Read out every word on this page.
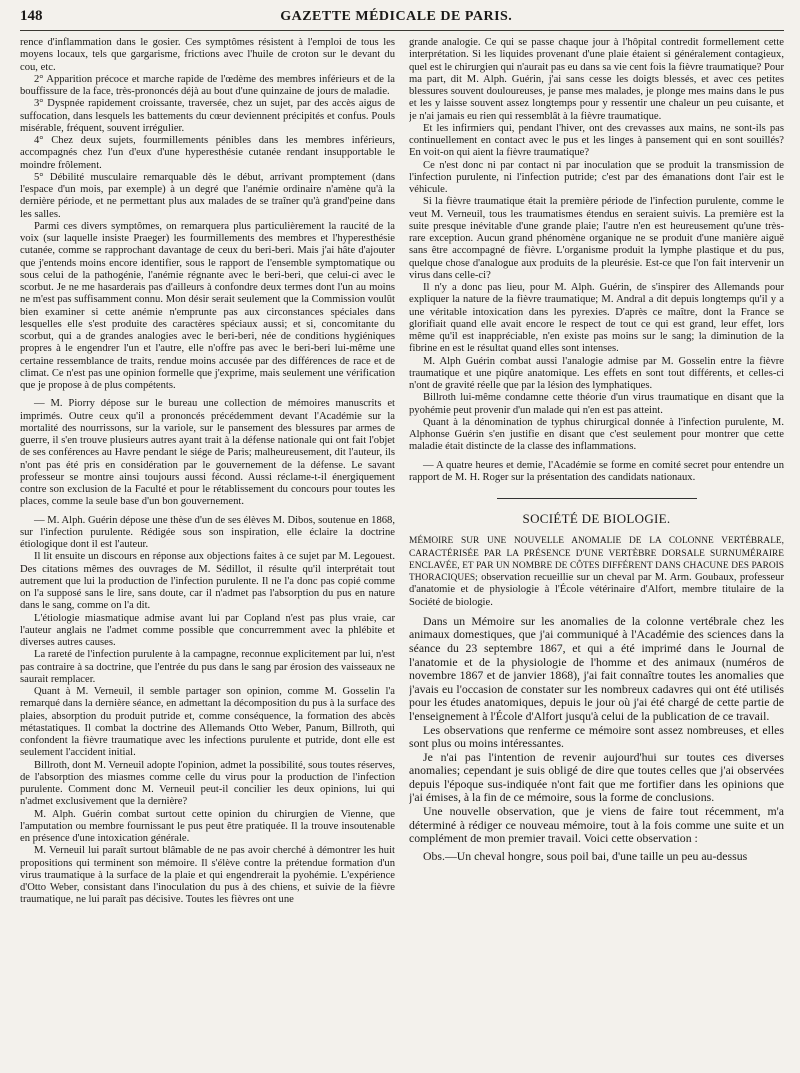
148	GAZETTE MÉDICALE DE PARIS.

rence d'inflammation dans le gosier. Ces symptômes résistent à l'emploi de tous les moyens locaux, tels que gargarisme, frictions avec l'huile de croton sur le devant du cou, etc.

2° Apparition précoce et marche rapide de l'œdème des membres inférieurs et de la bouffissure de la face, très-prononcés déjà au bout d'une quinzaine de jours de maladie.

3° Dyspnée rapidement croissante, traversée, chez un sujet, par des accès aigus de suffocation, dans lesquels les battements du cœur deviennent précipités et confus. Pouls misérable, fréquent, souvent irrégulier.

4° Chez deux sujets, fourmillements pénibles dans les membres inférieurs, accompagnés chez l'un d'eux d'une hyperesthésie cutanée rendant insupportable le moindre frôlement.

5° Débilité musculaire remarquable dès le début, arrivant promptement (dans l'espace d'un mois, par exemple) à un degré que l'anémie ordinaire n'amène qu'à la dernière période, et ne permettant plus aux malades de se traîner qu'à grand'peine dans les salles.

Parmi ces divers symptômes, on remarquera plus particulièrement la raucité de la voix (sur laquelle insiste Praeger) les fourmillements des membres et l'hyperesthésie cutanée, comme se rapprochant davantage de ceux du beri-beri. Mais j'ai hâte d'ajouter que j'entends moins encore identifier, sous le rapport de l'ensemble symptomatique ou sous celui de la pathogénie, l'anémie régnante avec le beri-beri, que celui-ci avec le scorbut. Je ne me hasarderais pas d'ailleurs à confondre deux termes dont l'un au moins ne m'est pas suffisamment connu. Mon désir serait seulement que la Commission voulût bien examiner si cette anémie n'emprunte pas aux circonstances spéciales dans lesquelles elle s'est produite des caractères spéciaux aussi; et si, concomitante du scorbut, qui a de grandes analogies avec le beri-beri, née de conditions hygiéniques propres à le engendrer l'un et l'autre, elle n'offre pas avec le beri-beri lui-même une certaine ressemblance de traits, rendue moins accusée par des différences de race et de climat. Ce n'est pas une opinion formelle que j'exprime, mais seulement une vérification que je propose à de plus compétents.

— M. Piorry dépose sur le bureau une collection de mémoires manuscrits et imprimés. Outre ceux qu'il a prononcés précédemment devant l'Académie sur la mortalité des nourrissons, sur la variole, sur le pansement des blessures par armes de guerre, il s'en trouve plusieurs autres ayant trait à la défense nationale qui ont fait l'objet de ses conférences au Havre pendant le siége de Paris; malheureusement, dit l'auteur, ils n'ont pas été pris en considération par le gouvernement de la défense. Le savant professeur se montre ainsi toujours aussi fécond. Aussi réclame-t-il énergiquement contre son exclusion de la Faculté et pour le rétablissement du concours pour toutes les places, comme la seule base d'un bon gouvernement.

— M. Alph. Guérin dépose une thèse d'un de ses élèves M. Dibos, soutenue en 1868, sur l'infection purulente. Rédigée sous son inspiration, elle éclaire la doctrine étiologique dont il est l'auteur.

Il lit ensuite un discours en réponse aux objections faites à ce sujet par M. Legouest. Des citations mêmes des ouvrages de M. Sédillot, il résulte qu'il interprétait tout autrement que lui la production de l'infection purulente. Il ne l'a donc pas copié comme on l'a supposé sans le lire, sans doute, car il n'admet pas l'absorption du pus en nature dans le sang, comme on l'a dit.

L'étiologie miasmatique admise avant lui par Copland n'est pas plus vraie, car l'auteur anglais ne l'admet comme possible que concurremment avec la phlébite et diverses autres causes.

La rareté de l'infection purulente à la campagne, reconnue explicitement par lui, n'est pas contraire à sa doctrine, que l'entrée du pus dans le sang par érosion des vaisseaux ne saurait remplacer.

Quant à M. Verneuil, il semble partager son opinion, comme M. Gosselin l'a remarqué dans la dernière séance, en admettant la décomposition du pus à la surface des plaies, absorption du produit putride et, comme conséquence, la formation des abcès métastatiques. Il combat la doctrine des Allemands Otto Weber, Panum, Billroth, qui confondent la fièvre traumatique avec les infections purulente et putride, dont elle est seulement l'accident initial.

Billroth, dont M. Verneuil adopte l'opinion, admet la possibilité, sous toutes réserves, de l'absorption des miasmes comme celle du virus pour la production de l'infection purulente. Comment donc M. Verneuil peut-il concilier les deux opinions, lui qui n'admet exclusivement que la dernière?

M. Alph. Guérin combat surtout cette opinion du chirurgien de Vienne, que l'amputation ou membre fournissant le pus peut être pratiquée. Il la trouve insoutenable en présence d'une intoxication générale.

M. Verneuil lui paraît surtout blâmable de ne pas avoir cherché à démontrer les huit propositions qui terminent son mémoire. Il s'élève contre la prétendue formation d'un virus traumatique à la surface de la plaie et qui engendrerait la pyohémie. L'expérience d'Otto Weber, consistant dans l'inoculation du pus à des chiens, et suivie de la fièvre traumatique, ne lui paraît pas décisive. Toutes les fièvres ont une

grande analogie. Ce qui se passe chaque jour à l'hôpital contredit formellement cette interprétation. Si les liquides provenant d'une plaie étaient si généralement contagieux, quel est le chirurgien qui n'aurait pas eu dans sa vie cent fois la fièvre traumatique? Pour ma part, dit M. Alph. Guérin, j'ai sans cesse les doigts blessés, et avec ces petites blessures souvent douloureuses, je panse mes malades, je plonge mes mains dans le pus et les y laisse souvent assez longtemps pour y ressentir une chaleur un peu cuisante, et je n'ai jamais eu rien qui ressemblât à la fièvre traumatique.

Et les infirmiers qui, pendant l'hiver, ont des crevasses aux mains, ne sont-ils pas continuellement en contact avec le pus et les linges à pansement qui en sont souillés? En voit-on qui aient la fièvre traumatique?

Ce n'est donc ni par contact ni par inoculation que se produit la transmission de l'infection purulente, ni l'infection putride; c'est par des émanations dont l'air est le véhicule.

Si la fièvre traumatique était la première période de l'infection purulente, comme le veut M. Verneuil, tous les traumatismes étendus en seraient suivis. La première est la suite presque inévitable d'une grande plaie; l'autre n'en est heureusement qu'une très-rare exception. Aucun grand phénomène organique ne se produit d'une manière aiguë sans être accompagné de fièvre. L'organisme produit la lymphe plastique et du pus, quelque chose d'analogue aux produits de la pleurésie. Est-ce que l'on fait intervenir un virus dans celle-ci?

Il n'y a donc pas lieu, pour M. Alph. Guérin, de s'inspirer des Allemands pour expliquer la nature de la fièvre traumatique; M. Andral a dit depuis longtemps qu'il y a une véritable intoxication dans les pyrexies. D'après ce maître, dont la France se glorifiait quand elle avait encore le respect de tout ce qui est grand, leur effet, lors même qu'il est inappréciable, n'en existe pas moins sur le sang; la diminution de la fibrine en est le résultat quand elles sont intenses.

M. Alph Guérin combat aussi l'analogie admise par M. Gosselin entre la fièvre traumatique et une piqûre anatomique. Les effets en sont tout différents, et celles-ci n'ont de gravité réelle que par la lésion des lymphatiques.

Billroth lui-même condamne cette théorie d'un virus traumatique en disant que la pyohémie peut provenir d'un malade qui n'en est pas atteint.

Quant à la dénomination de typhus chirurgical donnée à l'infection purulente, M. Alphonse Guérin s'en justifie en disant que c'est seulement pour montrer que cette maladie était distincte de la classe des inflammations.

— A quatre heures et demie, l'Académie se forme en comité secret pour entendre un rapport de M. H. Roger sur la présentation des candidats nationaux.

SOCIÉTÉ DE BIOLOGIE.

MÉMOIRE SUR UNE NOUVELLE ANOMALIE DE LA COLONNE VERTÉBRALE, CARACTÉRISÉE PAR LA PRÉSENCE D'UNE VERTÈBRE DORSALE SURNUMÉRAIRE ENCLAVÉE, ET PAR UN NOMBRE DE CÔTES DIFFÉRENT DANS CHACUNE DES PAROIS THORACIQUES; observation recueillie sur un cheval par M. Arm. Goubaux, professeur d'anatomie et de physiologie à l'École vétérinaire d'Alfort, membre titulaire de la Société de biologie.

Dans un Mémoire sur les anomalies de la colonne vertébrale chez les animaux domestiques, que j'ai communiqué à l'Académie des sciences dans la séance du 23 septembre 1867, et qui a été imprimé dans le Journal de l'anatomie et de la physiologie de l'homme et des animaux (numéros de novembre 1867 et de janvier 1868), j'ai fait connaître toutes les anomalies que j'avais eu l'occasion de constater sur les nombreux cadavres qui ont été utilisés pour les études anatomiques, depuis le jour où j'ai été chargé de cette partie de l'enseignement à l'École d'Alfort jusqu'à celui de la publication de ce travail.

Les observations que renferme ce mémoire sont assez nombreuses, et elles sont plus ou moins intéressantes.

Je n'ai pas l'intention de revenir aujourd'hui sur toutes ces diverses anomalies; cependant je suis obligé de dire que toutes celles que j'ai observées depuis l'époque sus-indiquée n'ont fait que me fortifier dans les opinions que j'ai émises, à la fin de ce mémoire, sous la forme de conclusions.

Une nouvelle observation, que je viens de faire tout récemment, m'a déterminé à rédiger ce nouveau mémoire, tout à la fois comme une suite et un complément de mon premier travail. Voici cette observation :

Obs.—Un cheval hongre, sous poil bai, d'une taille un peu au-dessus
